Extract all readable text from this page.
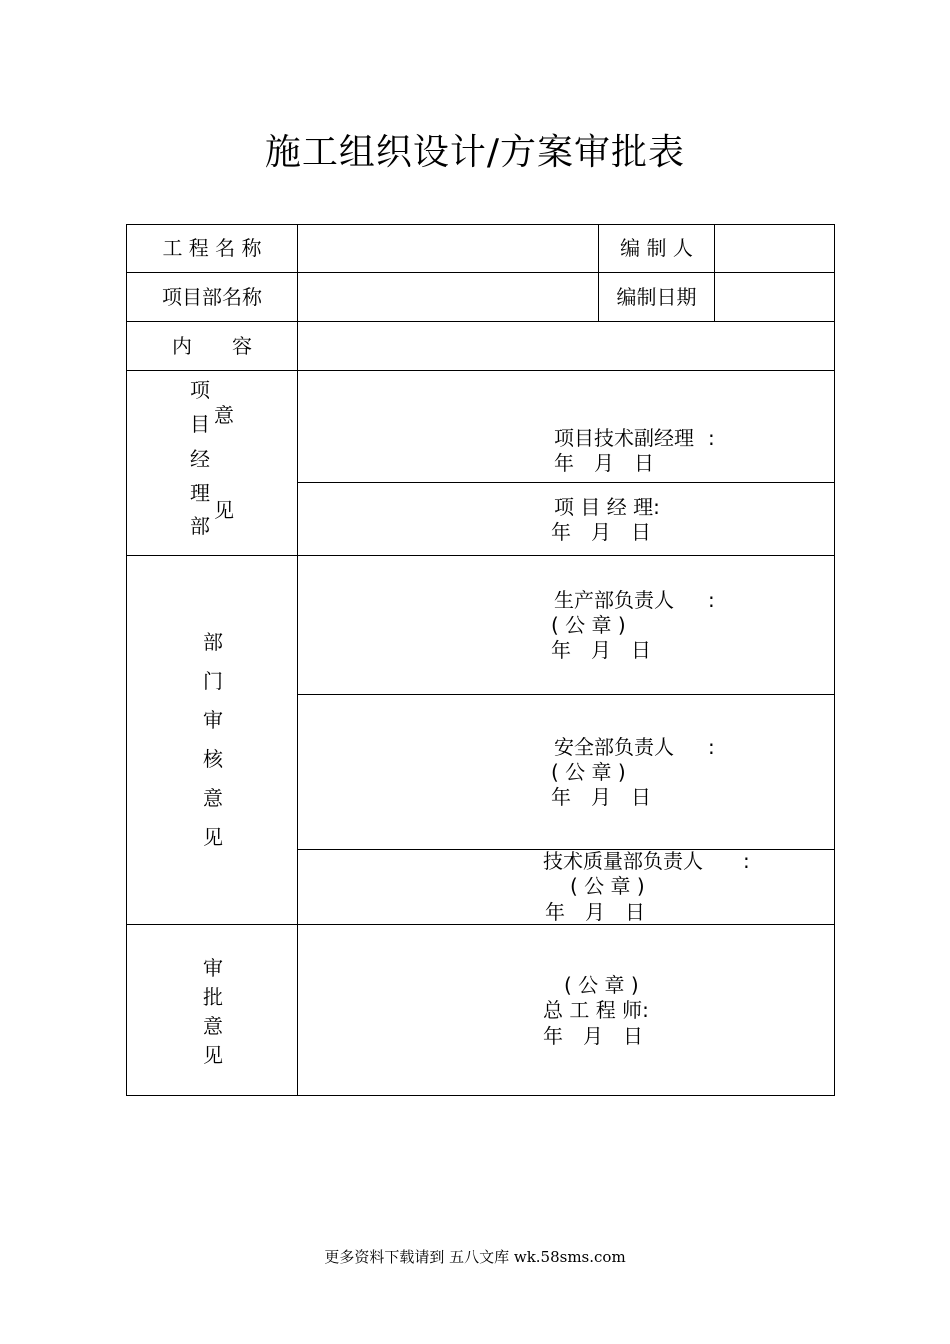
施工组织设计/方案审批表
工 程 名 称	编 制 人
项目部名称	编制日期
内　　容
项
目
经
理
部
意
见
项目技术副经理 :
年　月　日
项 目 经 理:
年　月　日
部
门
审
核
意
见
生产部负责人 :
( 公 章 )
年　月　日
安全部负责人 :
( 公 章 )
年　月　日
技术质量部负责人 :
( 公 章 )
年　月　日
审
批
意
见
( 公 章 )
总 工 程 师:
年　月　日
更多资料下载请到 五八文库 wk.58sms.com
